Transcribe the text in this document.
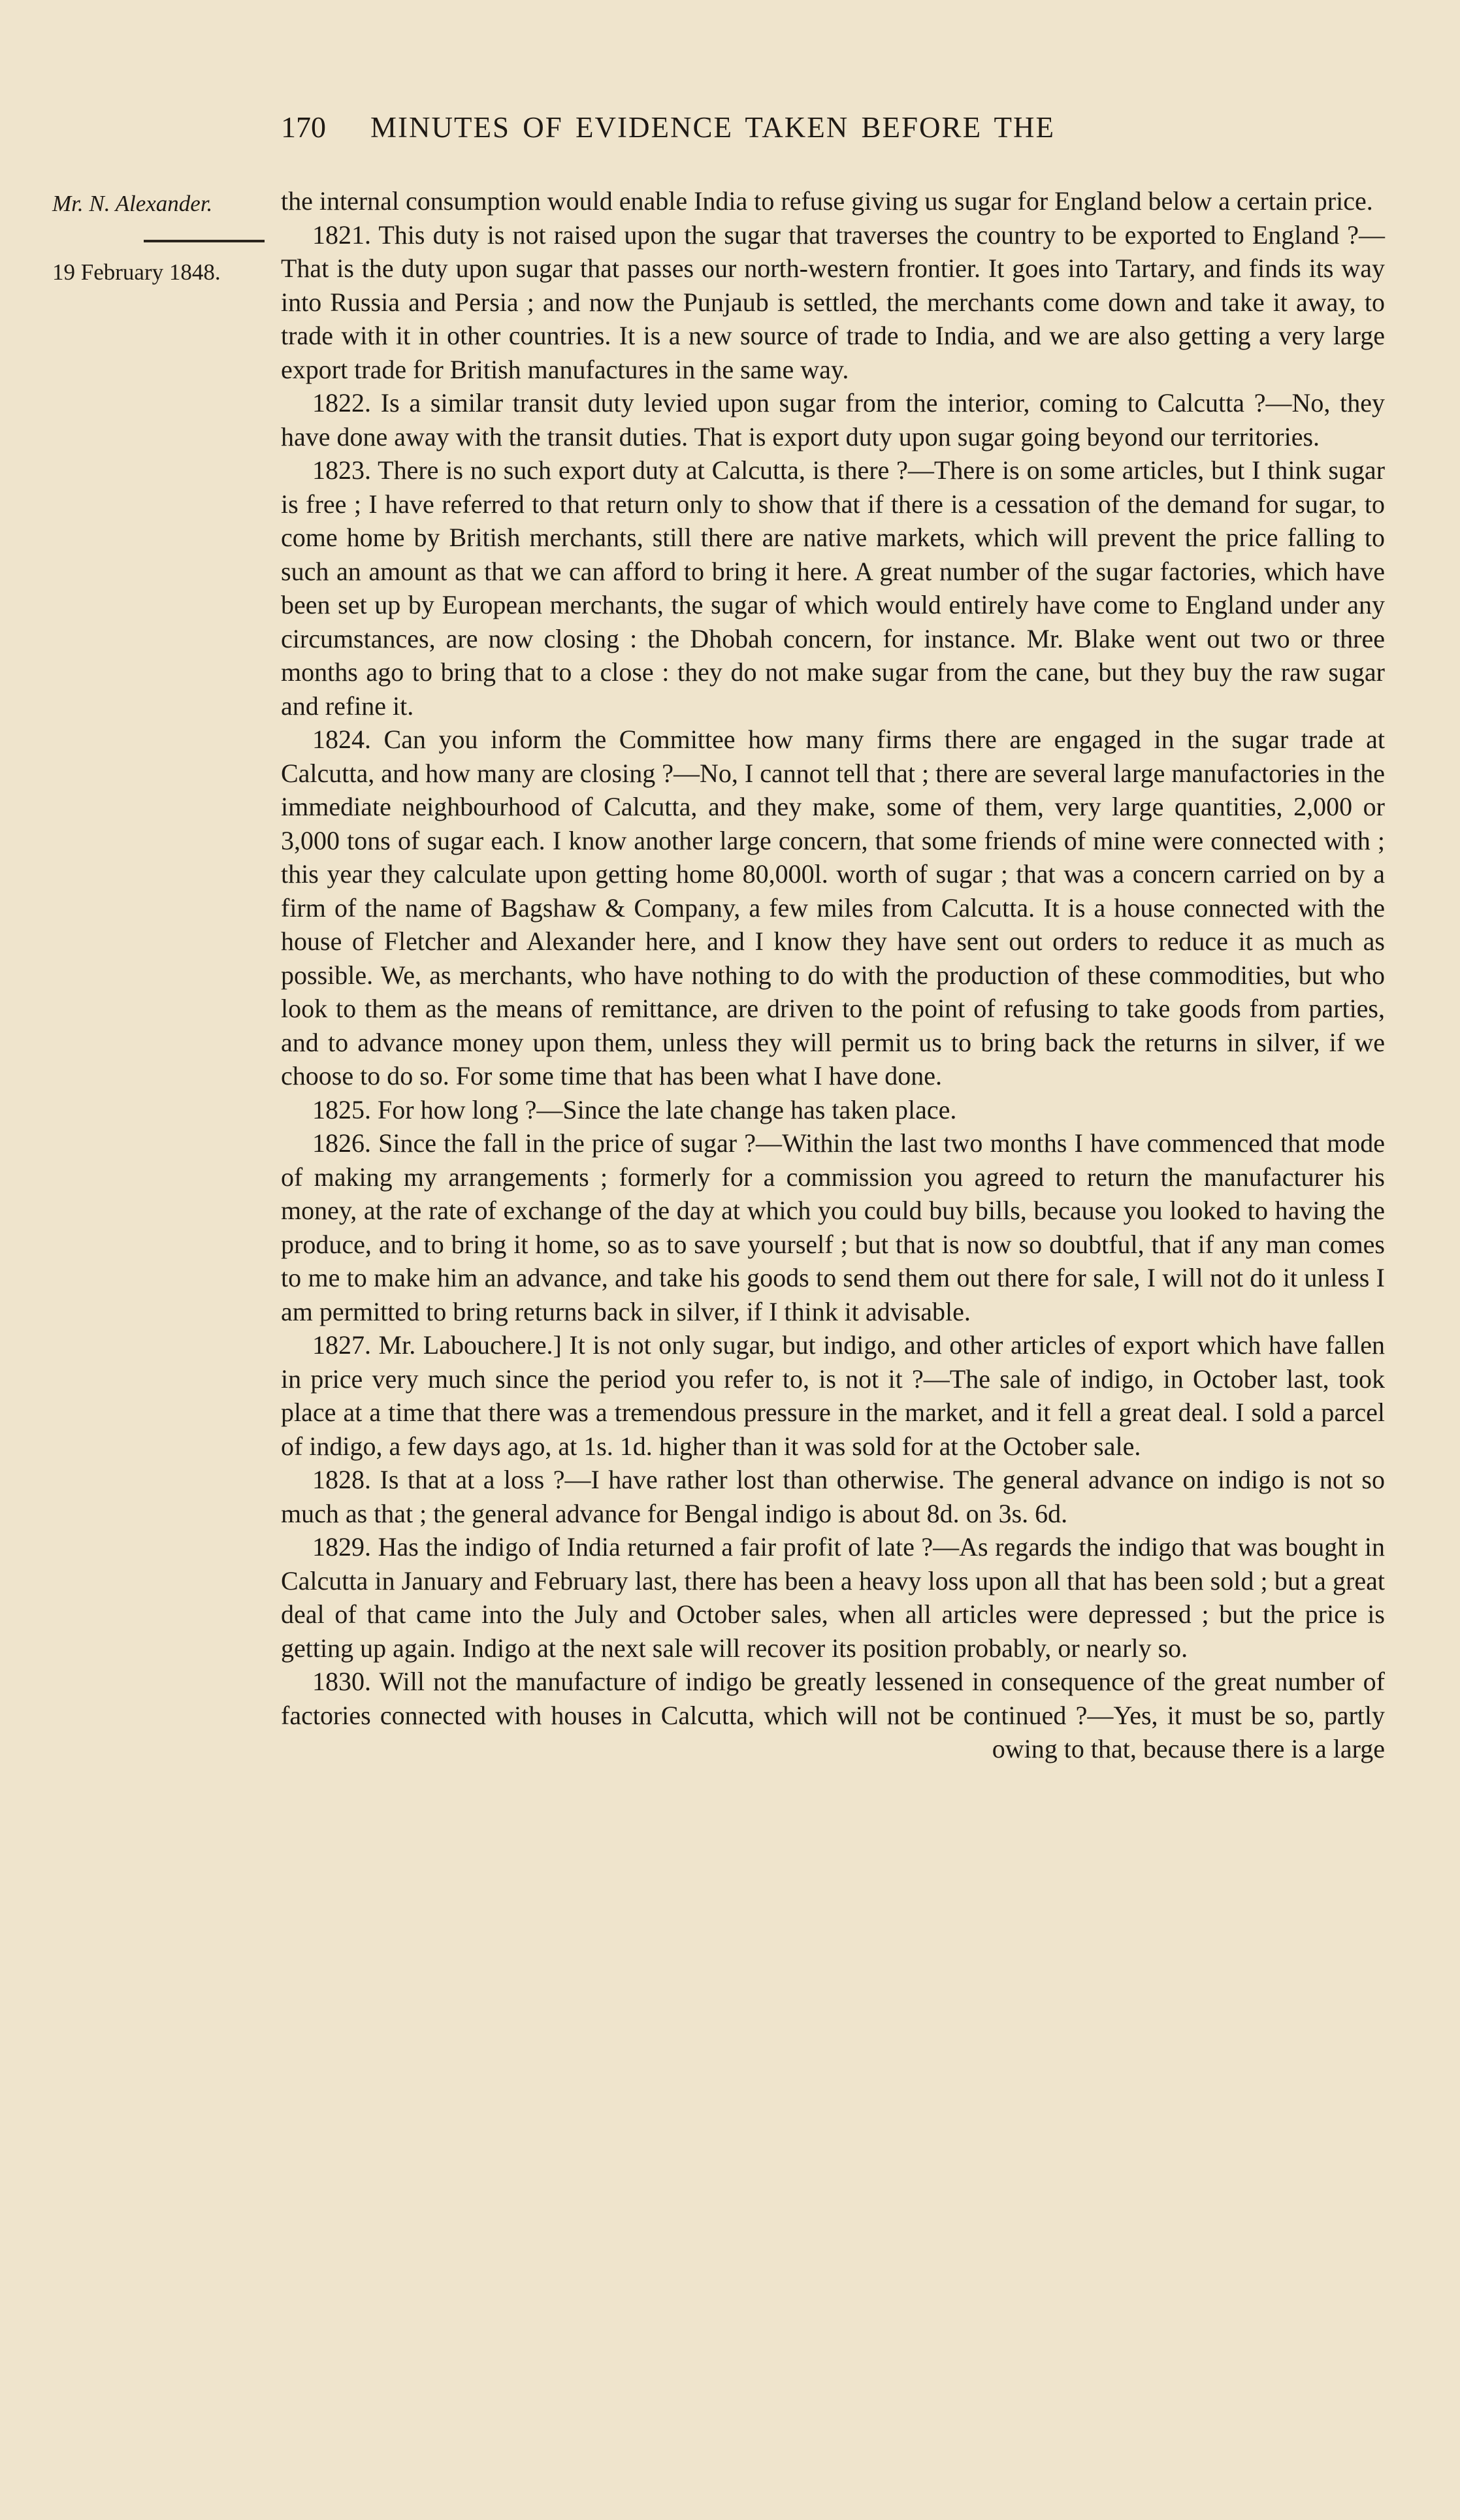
170 MINUTES OF EVIDENCE TAKEN BEFORE THE
Mr. N. Alexander.
19 February 1848.

the internal consumption would enable India to refuse giving us sugar for England below a certain price.

1821. This duty is not raised upon the sugar that traverses the country to be exported to England ?—That is the duty upon sugar that passes our north-western frontier. It goes into Tartary, and finds its way into Russia and Persia ; and now the Punjaub is settled, the merchants come down and take it away, to trade with it in other countries. It is a new source of trade to India, and we are also getting a very large export trade for British manufactures in the same way.

1822. Is a similar transit duty levied upon sugar from the interior, coming to Calcutta ?—No, they have done away with the transit duties. That is export duty upon sugar going beyond our territories.

1823. There is no such export duty at Calcutta, is there ?—There is on some articles, but I think sugar is free ; I have referred to that return only to show that if there is a cessation of the demand for sugar, to come home by British merchants, still there are native markets, which will prevent the price falling to such an amount as that we can afford to bring it here. A great number of the sugar factories, which have been set up by European merchants, the sugar of which would entirely have come to England under any circumstances, are now closing : the Dhobah concern, for instance. Mr. Blake went out two or three months ago to bring that to a close : they do not make sugar from the cane, but they buy the raw sugar and refine it.

1824. Can you inform the Committee how many firms there are engaged in the sugar trade at Calcutta, and how many are closing ?—No, I cannot tell that ; there are several large manufactories in the immediate neighbourhood of Calcutta, and they make, some of them, very large quantities, 2,000 or 3,000 tons of sugar each. I know another large concern, that some friends of mine were connected with ; this year they calculate upon getting home 80,000l. worth of sugar ; that was a concern carried on by a firm of the name of Bagshaw & Company, a few miles from Calcutta. It is a house connected with the house of Fletcher and Alexander here, and I know they have sent out orders to reduce it as much as possible. We, as merchants, who have nothing to do with the production of these commodities, but who look to them as the means of remittance, are driven to the point of refusing to take goods from parties, and to advance money upon them, unless they will permit us to bring back the returns in silver, if we choose to do so. For some time that has been what I have done.

1825. For how long ?—Since the late change has taken place.

1826. Since the fall in the price of sugar ?—Within the last two months I have commenced that mode of making my arrangements ; formerly for a commission you agreed to return the manufacturer his money, at the rate of exchange of the day at which you could buy bills, because you looked to having the produce, and to bring it home, so as to save yourself ; but that is now so doubtful, that if any man comes to me to make him an advance, and take his goods to send them out there for sale, I will not do it unless I am permitted to bring returns back in silver, if I think it advisable.

1827. Mr. Labouchere.] It is not only sugar, but indigo, and other articles of export which have fallen in price very much since the period you refer to, is not it ?—The sale of indigo, in October last, took place at a time that there was a tremendous pressure in the market, and it fell a great deal. I sold a parcel of indigo, a few days ago, at 1s. 1d. higher than it was sold for at the October sale.

1828. Is that at a loss ?—I have rather lost than otherwise. The general advance on indigo is not so much as that ; the general advance for Bengal indigo is about 8d. on 3s. 6d.

1829. Has the indigo of India returned a fair profit of late ?—As regards the indigo that was bought in Calcutta in January and February last, there has been a heavy loss upon all that has been sold ; but a great deal of that came into the July and October sales, when all articles were depressed ; but the price is getting up again. Indigo at the next sale will recover its position probably, or nearly so.

1830. Will not the manufacture of indigo be greatly lessened in consequence of the great number of factories connected with houses in Calcutta, which will not be continued ?—Yes, it must be so, partly owing to that, because there is a large
